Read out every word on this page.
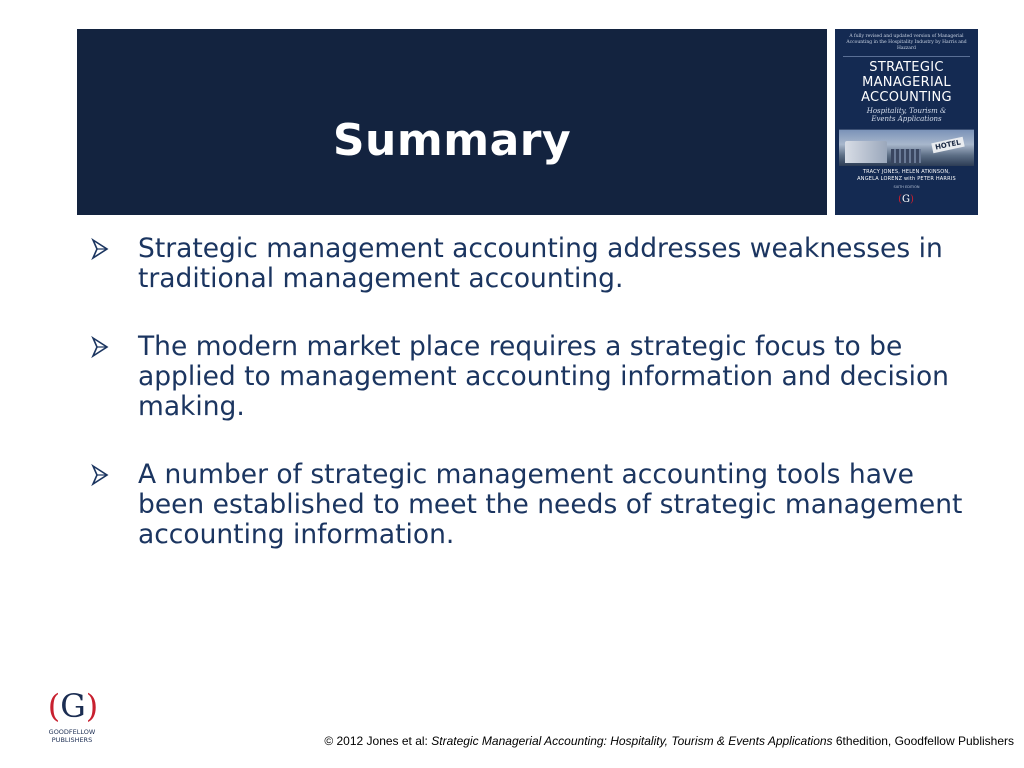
Summary
A fully revised and updated version of Managerial Accounting in the Hospitality Industry by Harris and Hazzard
STRATEGIC
MANAGERIAL
ACCOUNTING
Hospitality, Tourism &
Events Applications
HOTEL
TRACY JONES, HELEN ATKINSON,
ANGELA LORENZ with PETER HARRIS
SIXTH EDITION
(G)
Strategic management accounting addresses weaknesses in traditional management accounting.
The modern market place requires a strategic focus to be applied to management accounting information and decision making.
A number of strategic management accounting tools have been established to meet the needs of strategic management accounting information.
(G)
GOODFELLOW
PUBLISHERS	© 2012 Jones et al: Strategic Managerial Accounting: Hospitality, Tourism & Events Applications 6thedition, Goodfellow Publishers
